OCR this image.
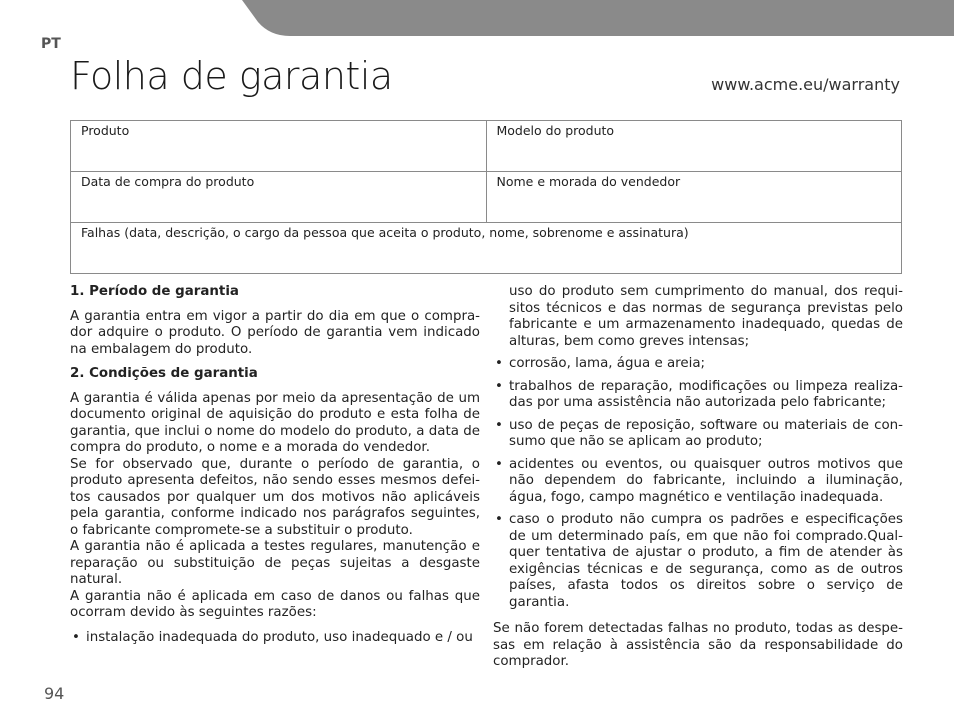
PT
Folha de garantia	www.acme.eu/warranty
Produto	Modelo do produto
Data de compra do produto	Nome e morada do vendedor
Falhas (data, descrição, o cargo da pessoa que aceita o produto, nome, sobrenome e assinatura)	

1. Período de garantia

A garantia entra em vigor a partir do dia em que o compra-dor adquire o produto. O período de garantia vem indicado na embalagem do produto.

2. Condições de garantia

A garantia é válida apenas por meio da apresentação de um documento original de aquisição do produto e esta folha de garantia, que inclui o nome do modelo do produto, a data de compra do produto, o nome e a morada do vendedor.

Se for observado que, durante o período de garantia, o produto apresenta defeitos, não sendo esses mesmos defei-tos causados por qualquer um dos motivos não aplicáveis pela garantia, conforme indicado nos parágrafos seguintes, o fabricante compromete-se a substituir o produto.

A garantia não é aplicada a testes regulares, manutenção e reparação ou substituição de peças sujeitas a desgaste natural.

A garantia não é aplicada em caso de danos ou falhas que ocorram devido às seguintes razões:

• instalação inadequada do produto, uso inadequado e / ou

uso do produto sem cumprimento do manual, dos requi-sitos técnicos e das normas de segurança previstas pelo fabricante e um armazenamento inadequado, quedas de alturas, bem como greves intensas;

• corrosão, lama, água e areia;
• trabalhos de reparação, modificações ou limpeza realiza-das por uma assistência não autorizada pelo fabricante;
• uso de peças de reposição, software ou materiais de con-sumo que não se aplicam ao produto;
• acidentes ou eventos, ou quaisquer outros motivos que não dependem do fabricante, incluindo a iluminação, água, fogo, campo magnético e ventilação inadequada.
• caso o produto não cumpra os padrões e especificações de um determinado país, em que não foi comprado.Qual-quer tentativa de ajustar o produto, a fim de atender às exigências técnicas e de segurança, como as de outros países, afasta todos os direitos sobre o serviço de garantia.

Se não forem detectadas falhas no produto, todas as despe-sas em relação à assistência são da responsabilidade do comprador.

94
